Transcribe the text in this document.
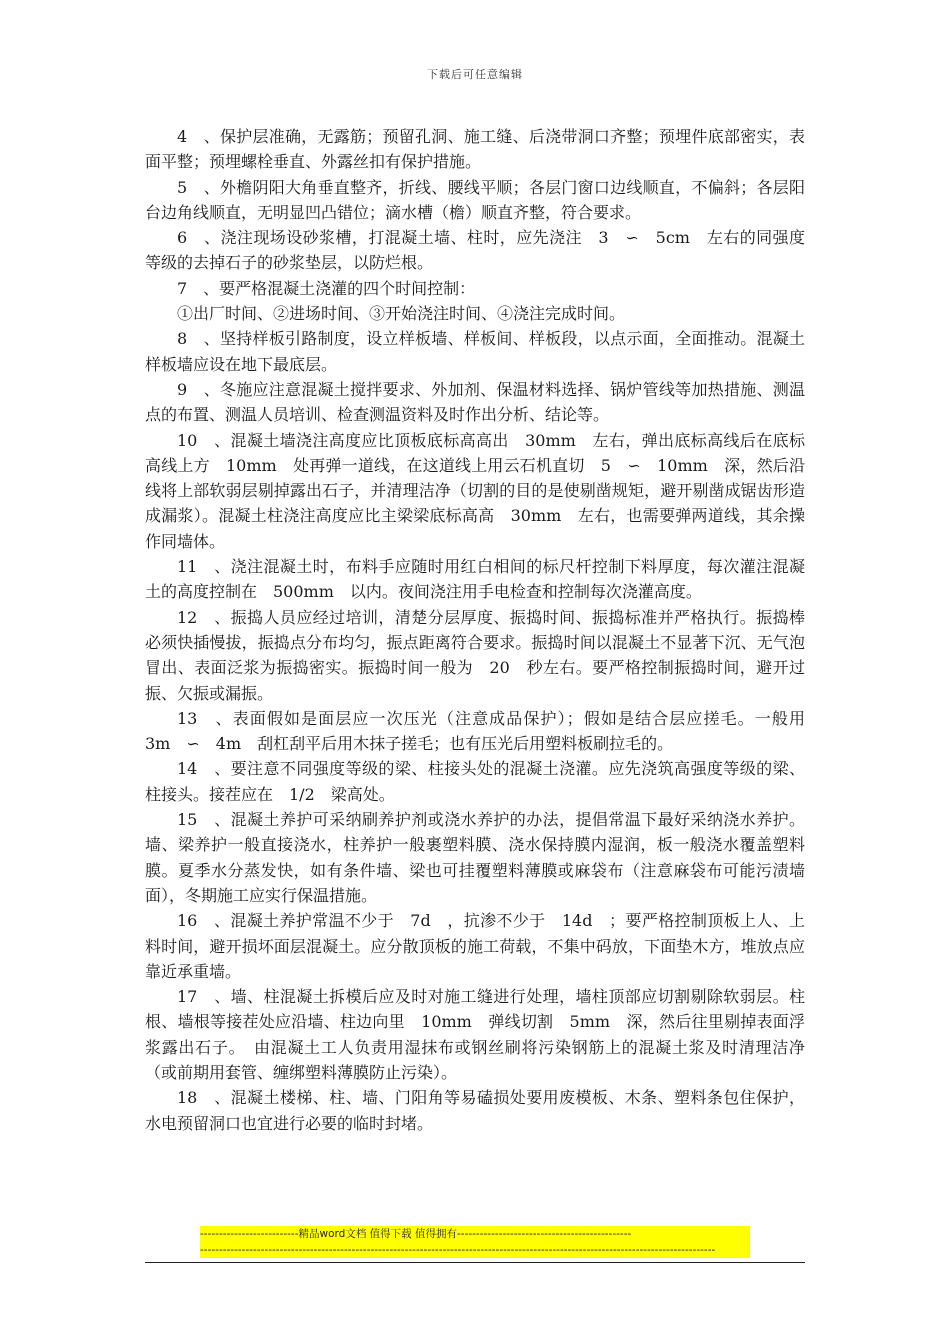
下载后可任意编辑

4　、保护层准确，无露筋；预留孔洞、施工缝、后浇带洞口齐整；预埋件底部密实，表面平整；预埋螺栓垂直、外露丝扣有保护措施。

5　、外檐阴阳大角垂直整齐，折线、腰线平顺；各层门窗口边线顺直，不偏斜；各层阳台边角线顺直，无明显凹凸错位；滴水槽（檐）顺直齐整，符合要求。

6　、浇注现场设砂浆槽，打混凝土墙、柱时，应先浇注　3　∽　5cm　左右的同强度等级的去掉石子的砂浆垫层，以防烂根。

7　、要严格混凝土浇灌的四个时间控制：

①出厂时间、②进场时间、③开始浇注时间、④浇注完成时间。

8　、坚持样板引路制度，设立样板墙、样板间、样板段，以点示面，全面推动。混凝土样板墙应设在地下最底层。

9　、冬施应注意混凝土搅拌要求、外加剂、保温材料选择、锅炉管线等加热措施、测温点的布置、测温人员培训、检查测温资料及时作出分析、结论等。

10　、混凝土墙浇注高度应比顶板底标高高出　30mm　左右，弹出底标高线后在底标高线上方　10mm　处再弹一道线，在这道线上用云石机直切　5　∽　10mm　深，然后沿线将上部软弱层剔掉露出石子，并清理洁净（切割的目的是使剔凿规矩，避开剔凿成锯齿形造成漏浆）。混凝土柱浇注高度应比主梁梁底标高高　30mm　左右，也需要弹两道线，其余操作同墙体。

11　、浇注混凝土时，布料手应随时用红白相间的标尺杆控制下料厚度，每次灌注混凝土的高度控制在　500mm　以内。夜间浇注用手电检查和控制每次浇灌高度。

12　、振捣人员应经过培训，清楚分层厚度、振捣时间、振捣标准并严格执行。振捣棒必须快插慢拔，振捣点分布均匀，振点距离符合要求。振捣时间以混凝土不显著下沉、无气泡冒出、表面泛浆为振捣密实。振捣时间一般为　20　秒左右。要严格控制振捣时间，避开过振、欠振或漏振。

13　、表面假如是面层应一次压光（注意成品保护）；假如是结合层应搓毛。一般用　3m　∽　4m　刮杠刮平后用木抹子搓毛；也有压光后用塑料板刷拉毛的。

14　、要注意不同强度等级的梁、柱接头处的混凝土浇灌。应先浇筑高强度等级的梁、柱接头。接茬应在　1/2　梁高处。

15　、混凝土养护可采纳刷养护剂或浇水养护的办法，提倡常温下最好采纳浇水养护。墙、梁养护一般直接浇水，柱养护一般裹塑料膜、浇水保持膜内湿润，板一般浇水覆盖塑料膜。夏季水分蒸发快，如有条件墙、梁也可挂覆塑料薄膜或麻袋布（注意麻袋布可能污渍墙面），冬期施工应实行保温措施。

16　、混凝土养护常温不少于　7d　，抗渗不少于　14d　；要严格控制顶板上人、上料时间，避开损坏面层混凝土。应分散顶板的施工荷载，不集中码放，下面垫木方，堆放点应靠近承重墙。

17　、墙、柱混凝土拆模后应及时对施工缝进行处理，墙柱顶部应切割剔除软弱层。柱根、墙根等接茬处应沿墙、柱边向里　10mm　弹线切割　5mm　深，然后往里剔掉表面浮浆露出石子。　由混凝土工人负责用湿抹布或钢丝刷将污染钢筋上的混凝土浆及时清理洁净（或前期用套管、缠绑塑料薄膜防止污染）。

18　、混凝土楼梯、柱、墙、门阳角等易磕损处要用废模板、木条、塑料条包住保护，水电预留洞口也宜进行必要的临时封堵。

--------------------------精品word文档 值得下载 值得拥有----------------------------------------------
----------------------------------------------------------------------------------------------------------------------------------------
